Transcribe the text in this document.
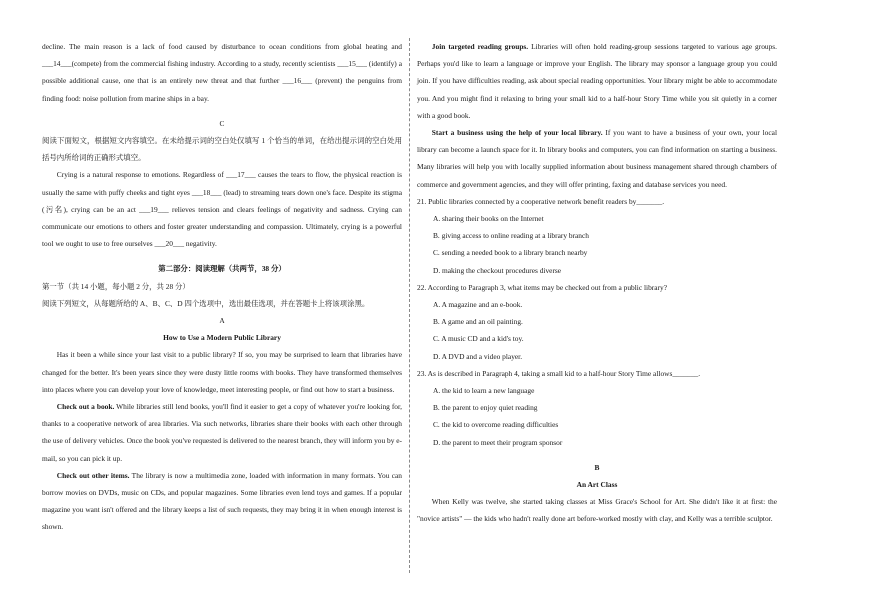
decline. The main reason is a lack of food caused by disturbance to ocean conditions from global heating and ___14___(compete) from the commercial fishing industry. According to a study, recently scientists ___15___ (identify) a possible additional cause, one that is an entirely new threat and that further ___16___ (prevent) the penguins from finding food: noise pollution from marine ships in a bay.

C

阅读下面短文，根据短文内容填空。在未给提示词的空白处仅填写 1 个恰当的单词，在给出提示词的空白处用括号内所给词的正确形式填空。

Crying is a natural response to emotions. Regardless of ___17___ causes the tears to flow, the physical reaction is usually the same with puffy cheeks and tight eyes ___18___ (lead) to streaming tears down one's face. Despite its stigma (污名), crying can be an act ___19___ relieves tension and clears feelings of negativity and sadness. Crying can communicate our emotions to others and foster greater understanding and compassion. Ultimately, crying is a powerful tool we ought to use to free ourselves ___20___ negativity.

第二部分：阅读理解（共两节，38 分）

第一节（共 14 小题，每小题 2 分，共 28 分）

阅读下列短文，从每题所给的 A、B、C、D 四个选项中，选出最佳选项，并在答题卡上将该项涂黑。

A

How to Use a Modern Public Library

Has it been a while since your last visit to a public library? If so, you may be surprised to learn that libraries have changed for the better. It's been years since they were dusty little rooms with books. They have transformed themselves into places where you can develop your love of knowledge, meet interesting people, or find out how to start a business.

Check out a book. While libraries still lend books, you'll find it easier to get a copy of whatever you're looking for, thanks to a cooperative network of area libraries. Via such networks, libraries share their books with each other through the use of delivery vehicles. Once the book you've requested is delivered to the nearest branch, they will inform you by e-mail, so you can pick it up.

Check out other items. The library is now a multimedia zone, loaded with information in many formats. You can borrow movies on DVDs, music on CDs, and popular magazines. Some libraries even lend toys and games. If a popular magazine you want isn't offered and the library keeps a list of such requests, they may bring it in when enough interest is shown.

Join targeted reading groups. Libraries will often hold reading-group sessions targeted to various age groups. Perhaps you'd like to learn a language or improve your English. The library may sponsor a language group you could join. If you have difficulties reading, ask about special reading opportunities. Your library might be able to accommodate you. And you might find it relaxing to bring your small kid to a half-hour Story Time while you sit quietly in a corner with a good book.

Start a business using the help of your local library. If you want to have a business of your own, your local library can become a launch space for it. In library books and computers, you can find information on starting a business. Many libraries will help you with locally supplied information about business management shared through chambers of commerce and government agencies, and they will offer printing, faxing and database services you need.

21. Public libraries connected by a cooperative network benefit readers by_______.

A. sharing their books on the Internet

B. giving access to online reading at a library branch

C. sending a needed book to a library branch nearby

D. making the checkout procedures diverse

22. According to Paragraph 3, what items may be checked out from a public library?

A. A magazine and an e-book.

B. A game and an oil painting.

C. A music CD and a kid's toy.

D. A DVD and a video player.

23. As is described in Paragraph 4, taking a small kid to a half-hour Story Time allows_______.

A. the kid to learn a new language

B. the parent to enjoy quiet reading

C. the kid to overcome reading difficulties

D. the parent to meet their program sponsor

B

An Art Class

When Kelly was twelve, she started taking classes at Miss Grace's School for Art. She didn't like it at first: the "novice artists" — the kids who hadn't really done art before-worked mostly with clay, and Kelly was a terrible sculptor.
